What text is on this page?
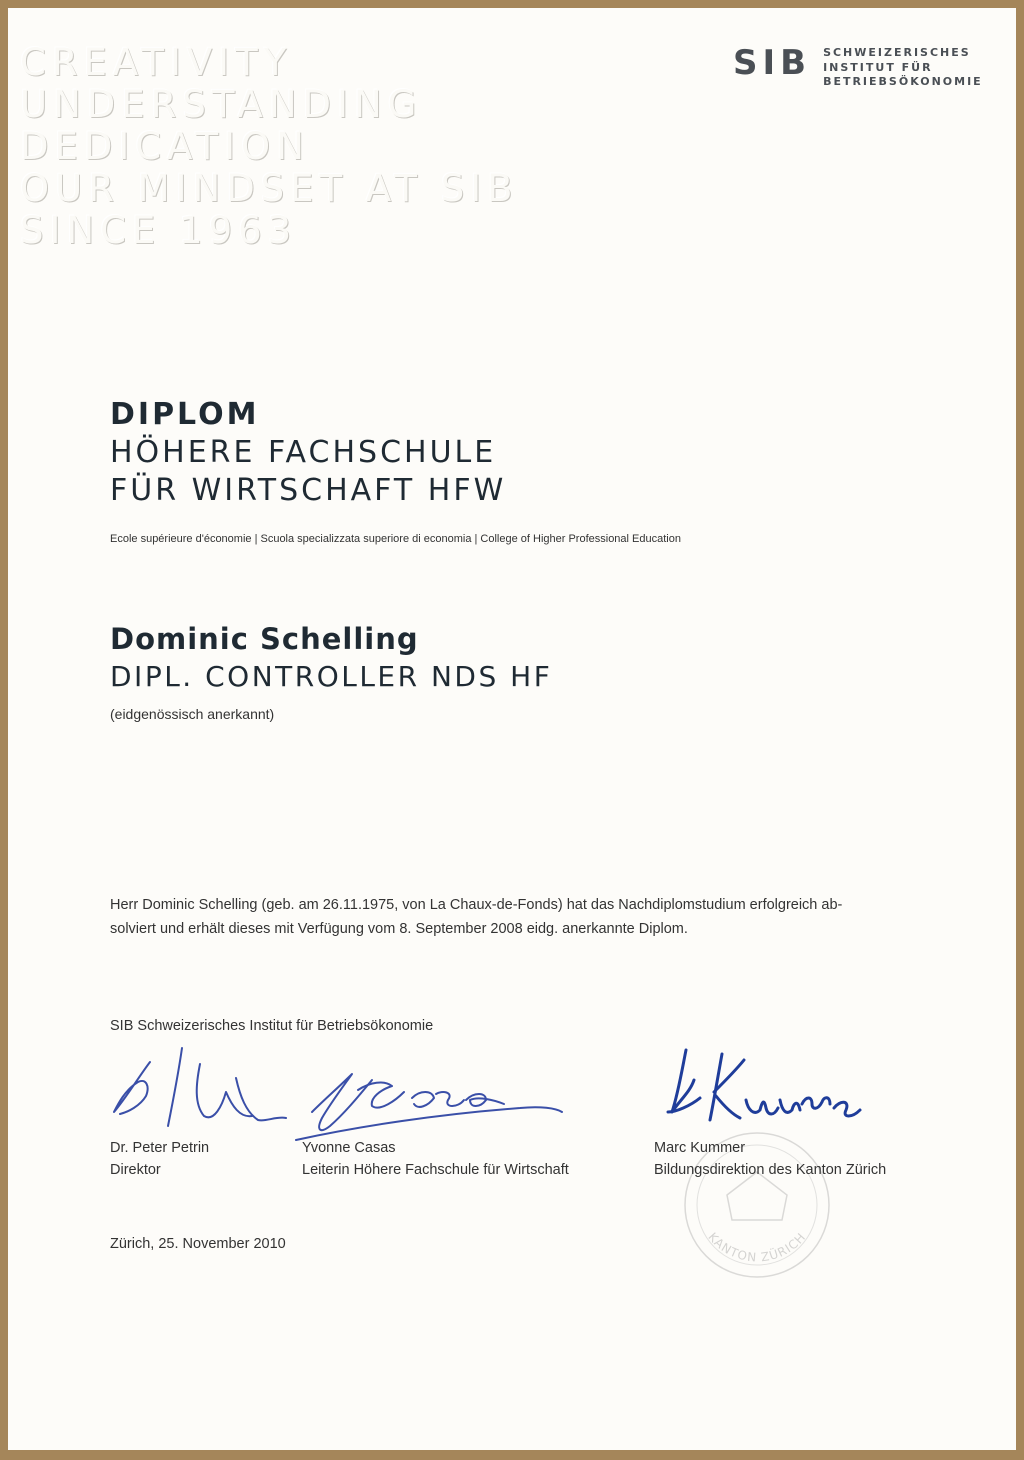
CREATIVITY
UNDERSTANDING
DEDICATION
OUR MINDSET AT SIB
SINCE 1963
SIB SCHWEIZERISCHES
INSTITUT FÜR
BETRIEBSÖKONOMIE
DIPLOM
HÖHERE FACHSCHULE
FÜR WIRTSCHAFT HFW
Ecole supérieure d'économie | Scuola specializzata superiore di economia | College of Higher Professional Education
Dominic Schelling
DIPL. CONTROLLER NDS HF
(eidgenössisch anerkannt)
Herr Dominic Schelling (geb. am 26.11.1975, von La Chaux-de-Fonds) hat das Nachdiplomstudium erfolgreich ab-
solviert und erhält dieses mit Verfügung vom 8. September 2008 eidg. anerkannte Diplom.
SIB Schweizerisches Institut für Betriebsökonomie
KANTON ZÜRICH
Dr. Peter Petrin
Direktor
Yvonne Casas
Leiterin Höhere Fachschule für Wirtschaft
Marc Kummer
Bildungsdirektion des Kanton Zürich
Zürich, 25. November 2010
